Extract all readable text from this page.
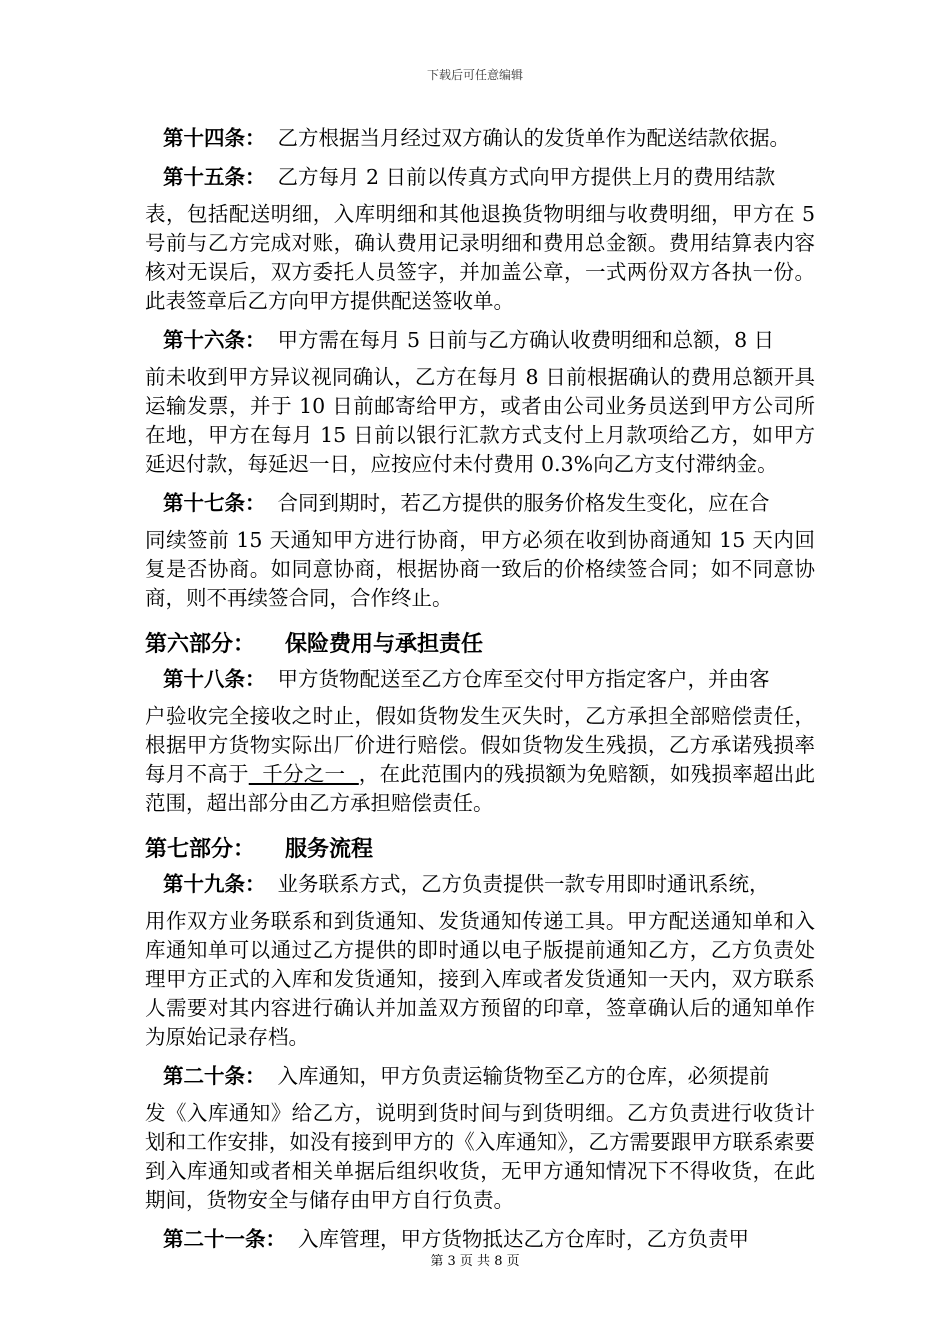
下载后可任意编辑
第十四条： 乙方根据当月经过双方确认的发货单作为配送结款依据。
第十五条： 乙方每月 2 日前以传真方式向甲方提供上月的费用结款
表，包括配送明细，入库明细和其他退换货物明细与收费明细，甲方在 5 号前与乙方完成对账，确认费用记录明细和费用总金额。费用结算表内容核对无误后，双方委托人员签字，并加盖公章，一式两份双方各执一份。此表签章后乙方向甲方提供配送签收单。
第十六条： 甲方需在每月 5 日前与乙方确认收费明细和总额，8 日
前未收到甲方异议视同确认，乙方在每月 8 日前根据确认的费用总额开具运输发票，并于 10 日前邮寄给甲方，或者由公司业务员送到甲方公司所在地，甲方在每月 15 日前以银行汇款方式支付上月款项给乙方，如甲方延迟付款，每延迟一日，应按应付未付费用 0.3%向乙方支付滞纳金。
第十七条： 合同到期时，若乙方提供的服务价格发生变化，应在合
同续签前 15 天通知甲方进行协商，甲方必须在收到协商通知 15 天内回复是否协商。如同意协商，根据协商一致后的价格续签合同；如不同意协商，则不再续签合同，合作终止。
第六部分： 保险费用与承担责任
第十八条： 甲方货物配送至乙方仓库至交付甲方指定客户，并由客
户验收完全接收之时止，假如货物发生灭失时，乙方承担全部赔偿责任，根据甲方货物实际出厂价进行赔偿。假如货物发生残损，乙方承诺残损率每月不高于  千分之一  ，在此范围内的残损额为免赔额，如残损率超出此范围，超出部分由乙方承担赔偿责任。
第七部分： 服务流程
第十九条： 业务联系方式，乙方负责提供一款专用即时通讯系统，
用作双方业务联系和到货通知、发货通知传递工具。甲方配送通知单和入库通知单可以通过乙方提供的即时通以电子版提前通知乙方，乙方负责处理甲方正式的入库和发货通知，接到入库或者发货通知一天内，双方联系人需要对其内容进行确认并加盖双方预留的印章，签章确认后的通知单作为原始记录存档。
第二十条： 入库通知，甲方负责运输货物至乙方的仓库，必须提前
发《入库通知》给乙方，说明到货时间与到货明细。乙方负责进行收货计划和工作安排，如没有接到甲方的《入库通知》，乙方需要跟甲方联系索要到入库通知或者相关单据后组织收货，无甲方通知情况下不得收货，在此期间，货物安全与储存由甲方自行负责。
第二十一条： 入库管理，甲方货物抵达乙方仓库时，乙方负责甲
第 3 页 共 8 页
